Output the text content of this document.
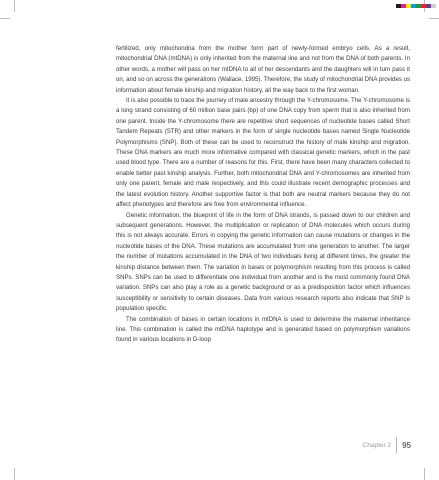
fertilized, only mitochondria from the mother form part of newly-formed embryo cells. As a result, mitochondrial DNA (mtDNA) is only inherited from the maternal line and not from the DNA of both parents. In other words, a mother will pass on her mtDNA to all of her descendants and the daughters will in turn pass it on, and so on across the generations (Wallace, 1995). Therefore, the study of mitochondrial DNA provides us information about female kinship and migration history, all the way back to the first woman.

It is also possible to trace the journey of male ancestry through the Y-chromosome. The Y-chromosome is a long strand consisting of 60 million base pairs (bp) of one DNA copy from sperm that is also inherited from one parent. Inside the Y-chromosome there are repetitive short sequences of nucleotide bases called Short Tandem Repeats (STR) and other markers in the form of single nucleotide bases named Single Nucleotide Polymorphisms (SNP). Both of these can be used to reconstruct the history of male kinship and migration. These DNA markers are much more informative compared with classical genetic markers, which in the past used blood type. There are a number of reasons for this. First, there have been many characters collected to enable better past kinship analysis. Further, both mitochondrial DNA and Y-chromosomes are inherited from only one parent, female and male respectively, and this could illustrate recent demographic processes and the latest evolution history. Another supportive factor is that both are neutral markers because they do not affect phenotypes and therefore are free from environmental influence.

Genetic information, the blueprint of life in the form of DNA strands, is passed down to our children and subsequent generations. However, the multiplication or replication of DNA molecules which occurs during this is not always accurate. Errors in copying the genetic information can cause mutations or changes in the nucleotide bases of the DNA. These mutations are accumulated from one generation to another. The larger the number of mutations accumulated in the DNA of two individuals living at different times, the greater the kinship distance between them. The variation in bases or polymorphism resulting from this process is called SNPs. SNPs can be used to differentiate one individual from another and is the most commonly found DNA variation. SNPs can also play a role as a genetic background or as a predisposition factor which influences susceptibility or sensitivity to certain diseases. Data from various research reports also indicate that SNP is population specific.

The combination of bases in certain locations in mtDNA is used to determine the maternal inheritance line. This combination is called the mtDNA haplotype and is generated based on polymorphism variations found in various locations in D-loop

Chapter 2 95
